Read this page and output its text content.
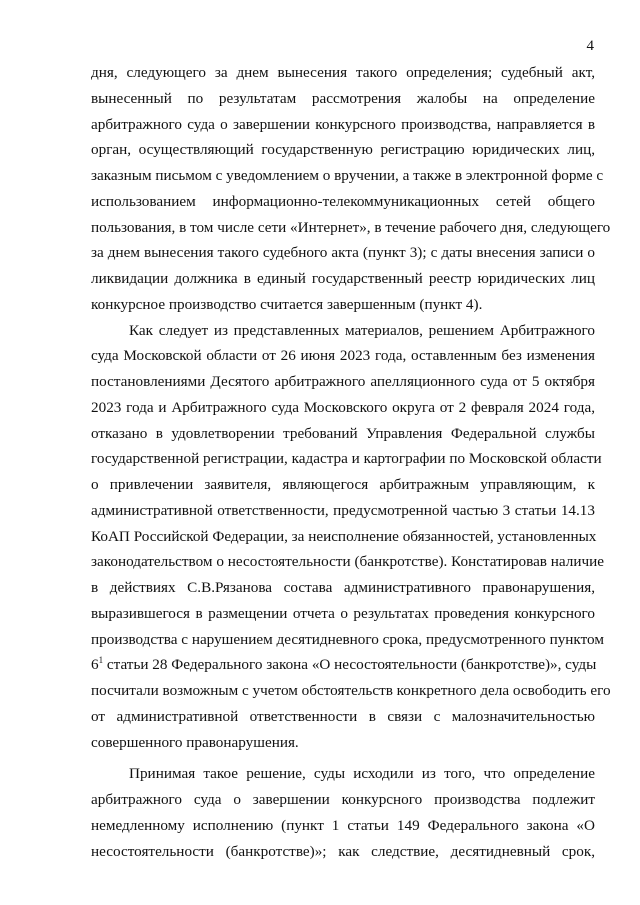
4
дня, следующего за днем вынесения такого определения; судебный акт,
вынесенный по результатам рассмотрения жалобы на определение
арбитражного суда о завершении конкурсного производства, направляется в
орган, осуществляющий государственную регистрацию юридических лиц,
заказным письмом с уведомлением о вручении, а также в электронной форме с
использованием информационно-телекоммуникационных сетей общего
пользования, в том числе сети «Интернет», в течение рабочего дня, следующего
за днем вынесения такого судебного акта (пункт 3); с даты внесения записи о
ликвидации должника в единый государственный реестр юридических лиц
конкурсное производство считается завершенным (пункт 4).
Как следует из представленных материалов, решением Арбитражного
суда Московской области от 26 июня 2023 года, оставленным без изменения
постановлениями Десятого арбитражного апелляционного суда от 5 октября
2023 года и Арбитражного суда Московского округа от 2 февраля 2024 года,
отказано в удовлетворении требований Управления Федеральной службы
государственной регистрации, кадастра и картографии по Московской области
о привлечении заявителя, являющегося арбитражным управляющим, к
административной ответственности, предусмотренной частью 3 статьи 14.13
КоАП Российской Федерации, за неисполнение обязанностей, установленных
законодательством о несостоятельности (банкротстве). Констатировав наличие
в действиях С.В.Рязанова состава административного правонарушения,
выразившегося в размещении отчета о результатах проведения конкурсного
производства с нарушением десятидневного срока, предусмотренного пунктом
$6^1$ статьи 28 Федерального закона «О несостоятельности (банкротстве)», суды
посчитали возможным с учетом обстоятельств конкретного дела освободить его
от административной ответственности в связи с малозначительностью
совершенного правонарушения.
Принимая такое решение, суды исходили из того, что определение
арбитражного суда о завершении конкурсного производства подлежит
немедленному исполнению (пункт 1 статьи 149 Федерального закона «О
несостоятельности (банкротстве)»; как следствие, десятидневный срок,
